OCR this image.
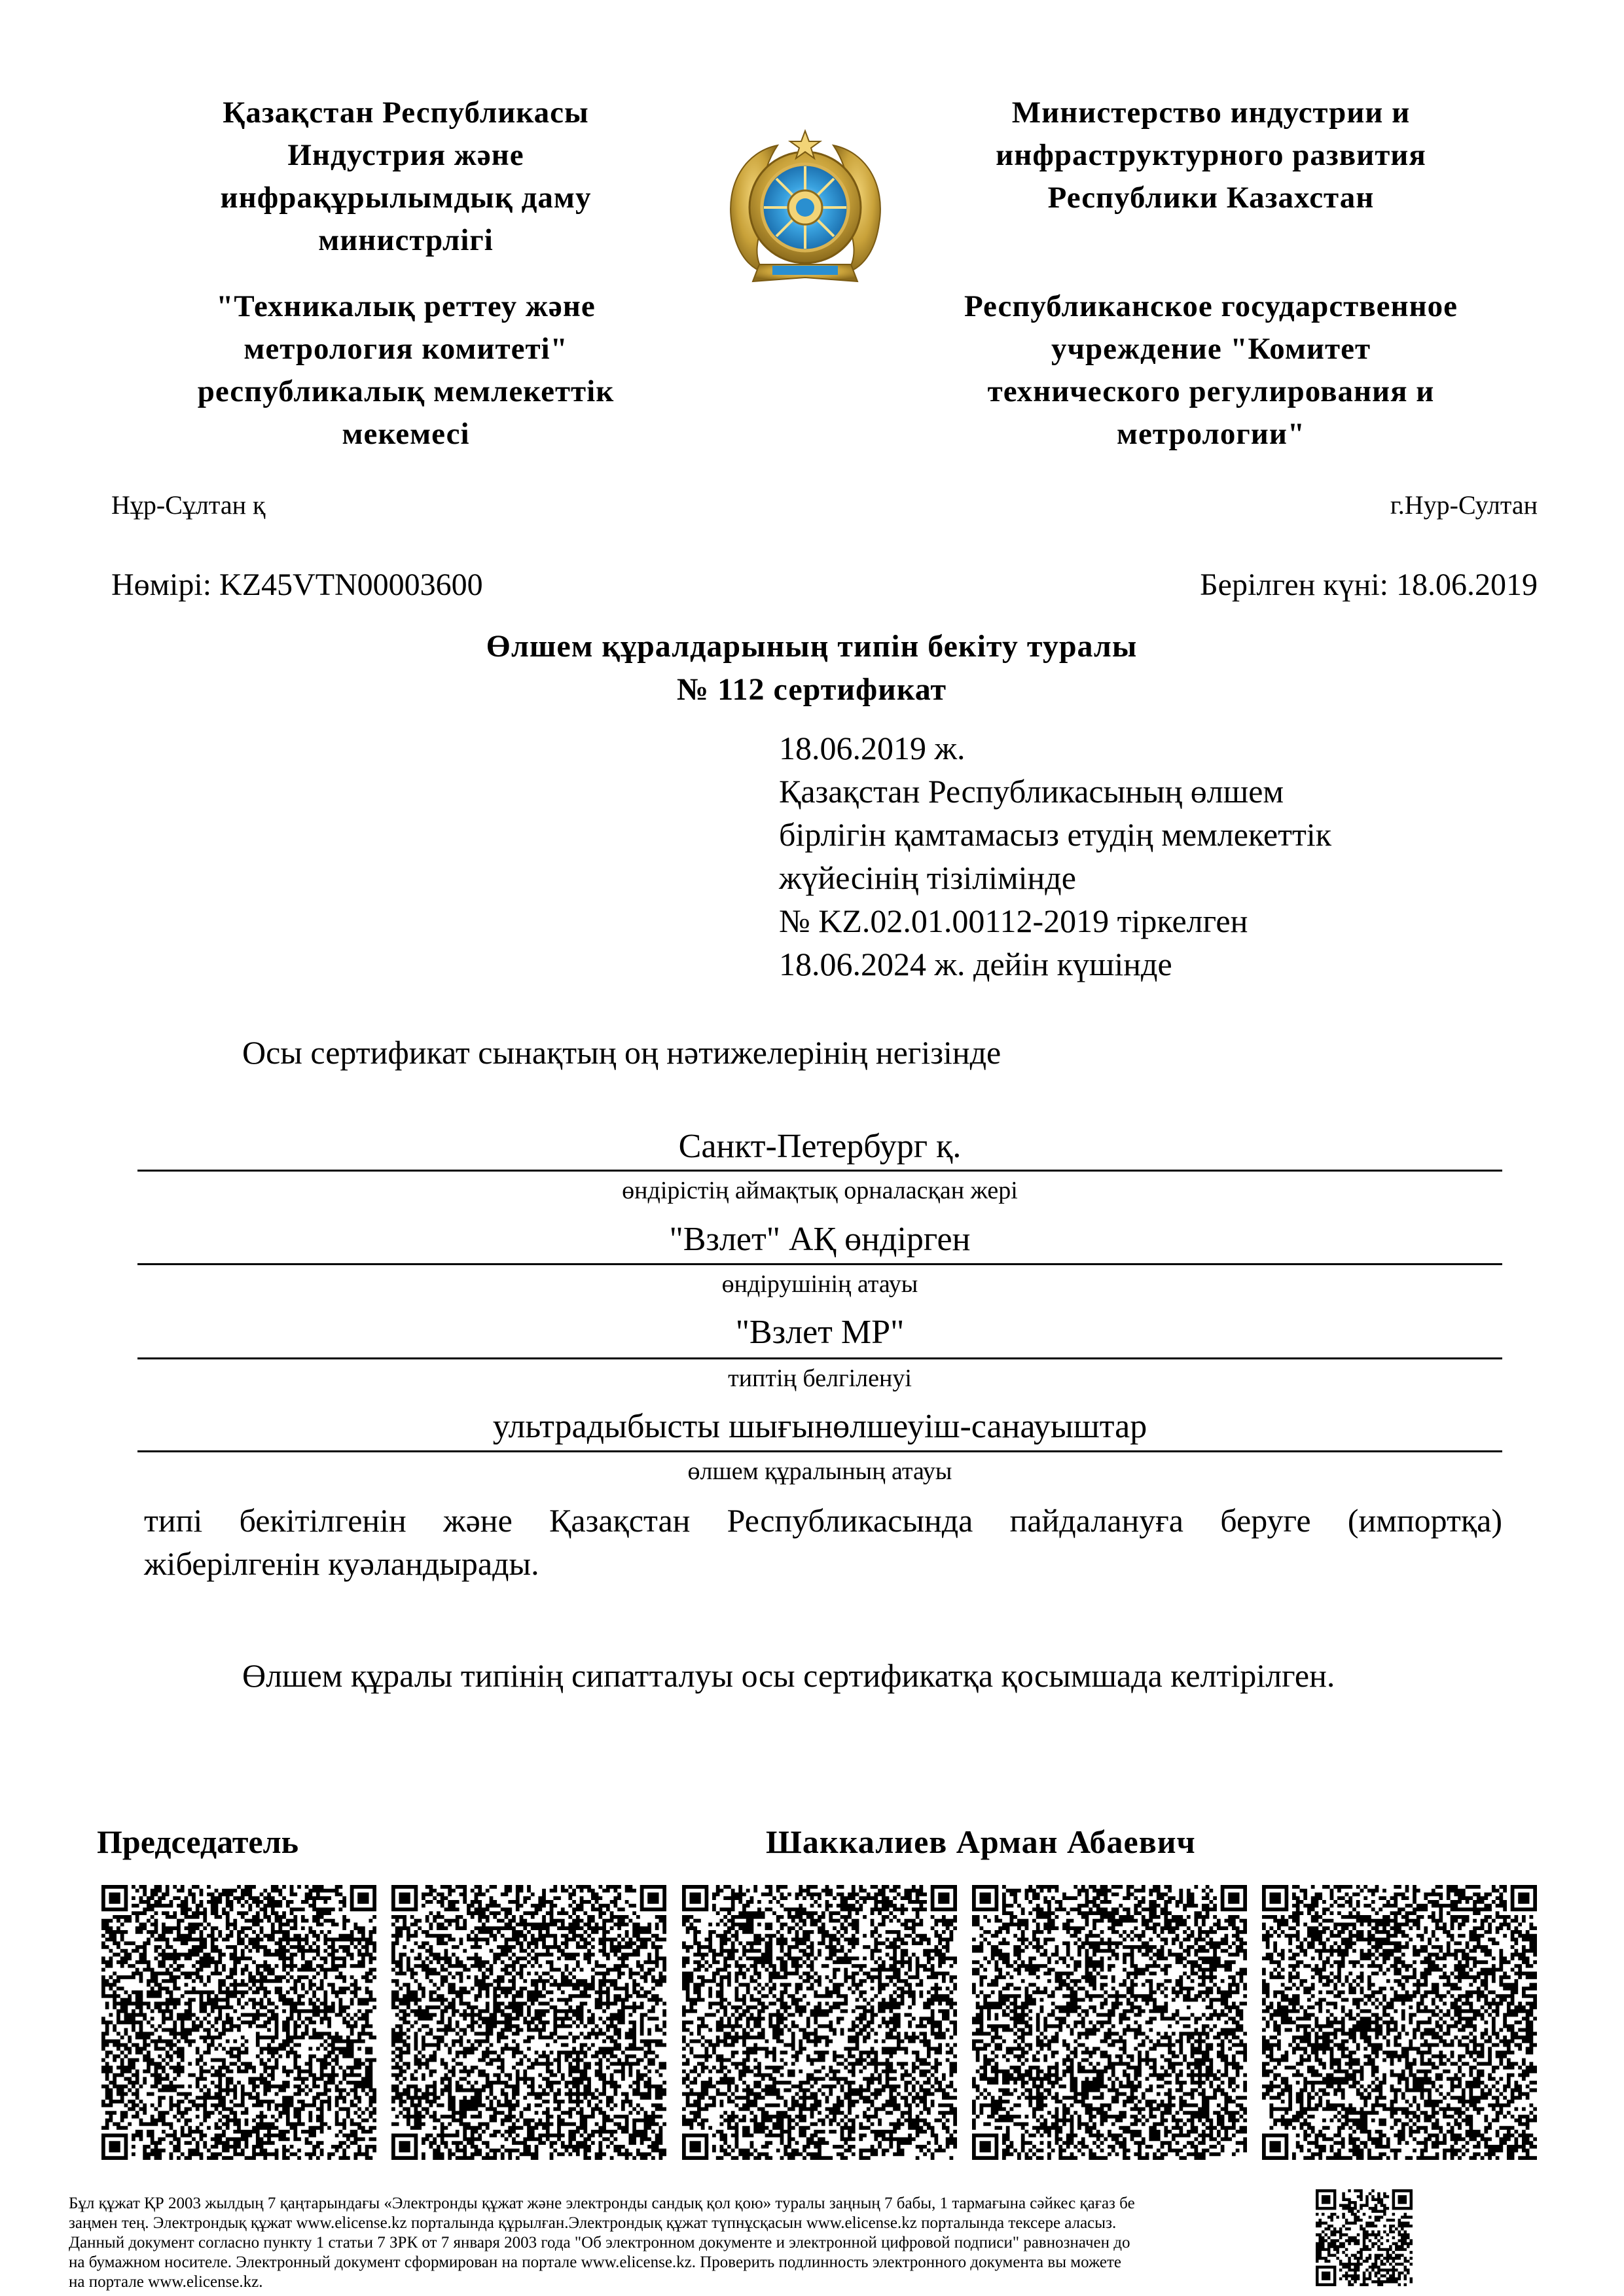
Қазақстан Республикасы
Индустрия және
инфрақұрылымдық даму
министрлігі
"Техникалық реттеу және
метрология комитеті"
республикалық мемлекеттік
мекемесі
Министерство индустрии и
инфраструктурного развития
Республики Казахстан
Республиканское государственное
учреждение "Комитет
технического регулирования и
метрологии"
Нұр-Сұлтан қ	г.Нур-Султан
Нөмірі: KZ45VTN00003600	Берілген күні: 18.06.2019
Өлшем құралдарының типін бекіту туралы
№ 112 сертификат
18.06.2019 ж.
Қазақстан Республикасының өлшем
бірлігін қамтамасыз етудің мемлекеттік
жүйесінің тізілімінде
№ KZ.02.01.00112-2019 тіркелген
18.06.2024 ж. дейін күшінде
Осы сертификат сынақтың оң нәтижелерінің негізінде
Санкт-Петербург қ.
өндірістің аймақтық орналасқан жері
"Взлет" АҚ өндірген
өндірушінің атауы
"Взлет МР"
типтің белгіленуі
ультрадыбысты шығынөлшеуіш-санауыштар
өлшем құралының атауы
типі бекітілгенін және Қазақстан Республикасында пайдалануға беруге (импортқа)
жіберілгенін куәландырады.
Өлшем құралы типінің сипатталуы осы сертификатқа қосымшада келтірілген.
Председатель	Шаккалиев Арман Абаевич
Бұл құжат ҚР 2003 жылдың 7 қаңтарындағы «Электронды құжат және электронды сандық қол қою» туралы заңның 7 бабы, 1 тармағына сәйкес қағаз бе
заңмен тең. Электрондық құжат www.elicense.kz порталында құрылған.Электрондық құжат түпнұсқасын www.elicense.kz порталында тексере аласыз.
Данный документ согласно пункту 1 статьи 7 ЗРК от 7 января 2003 года "Об электронном документе и электронной цифровой подписи" равнозначен до
на бумажном носителе. Электронный документ сформирован на портале www.elicense.kz. Проверить подлинность электронного документа вы можете
на портале www.elicense.kz.
